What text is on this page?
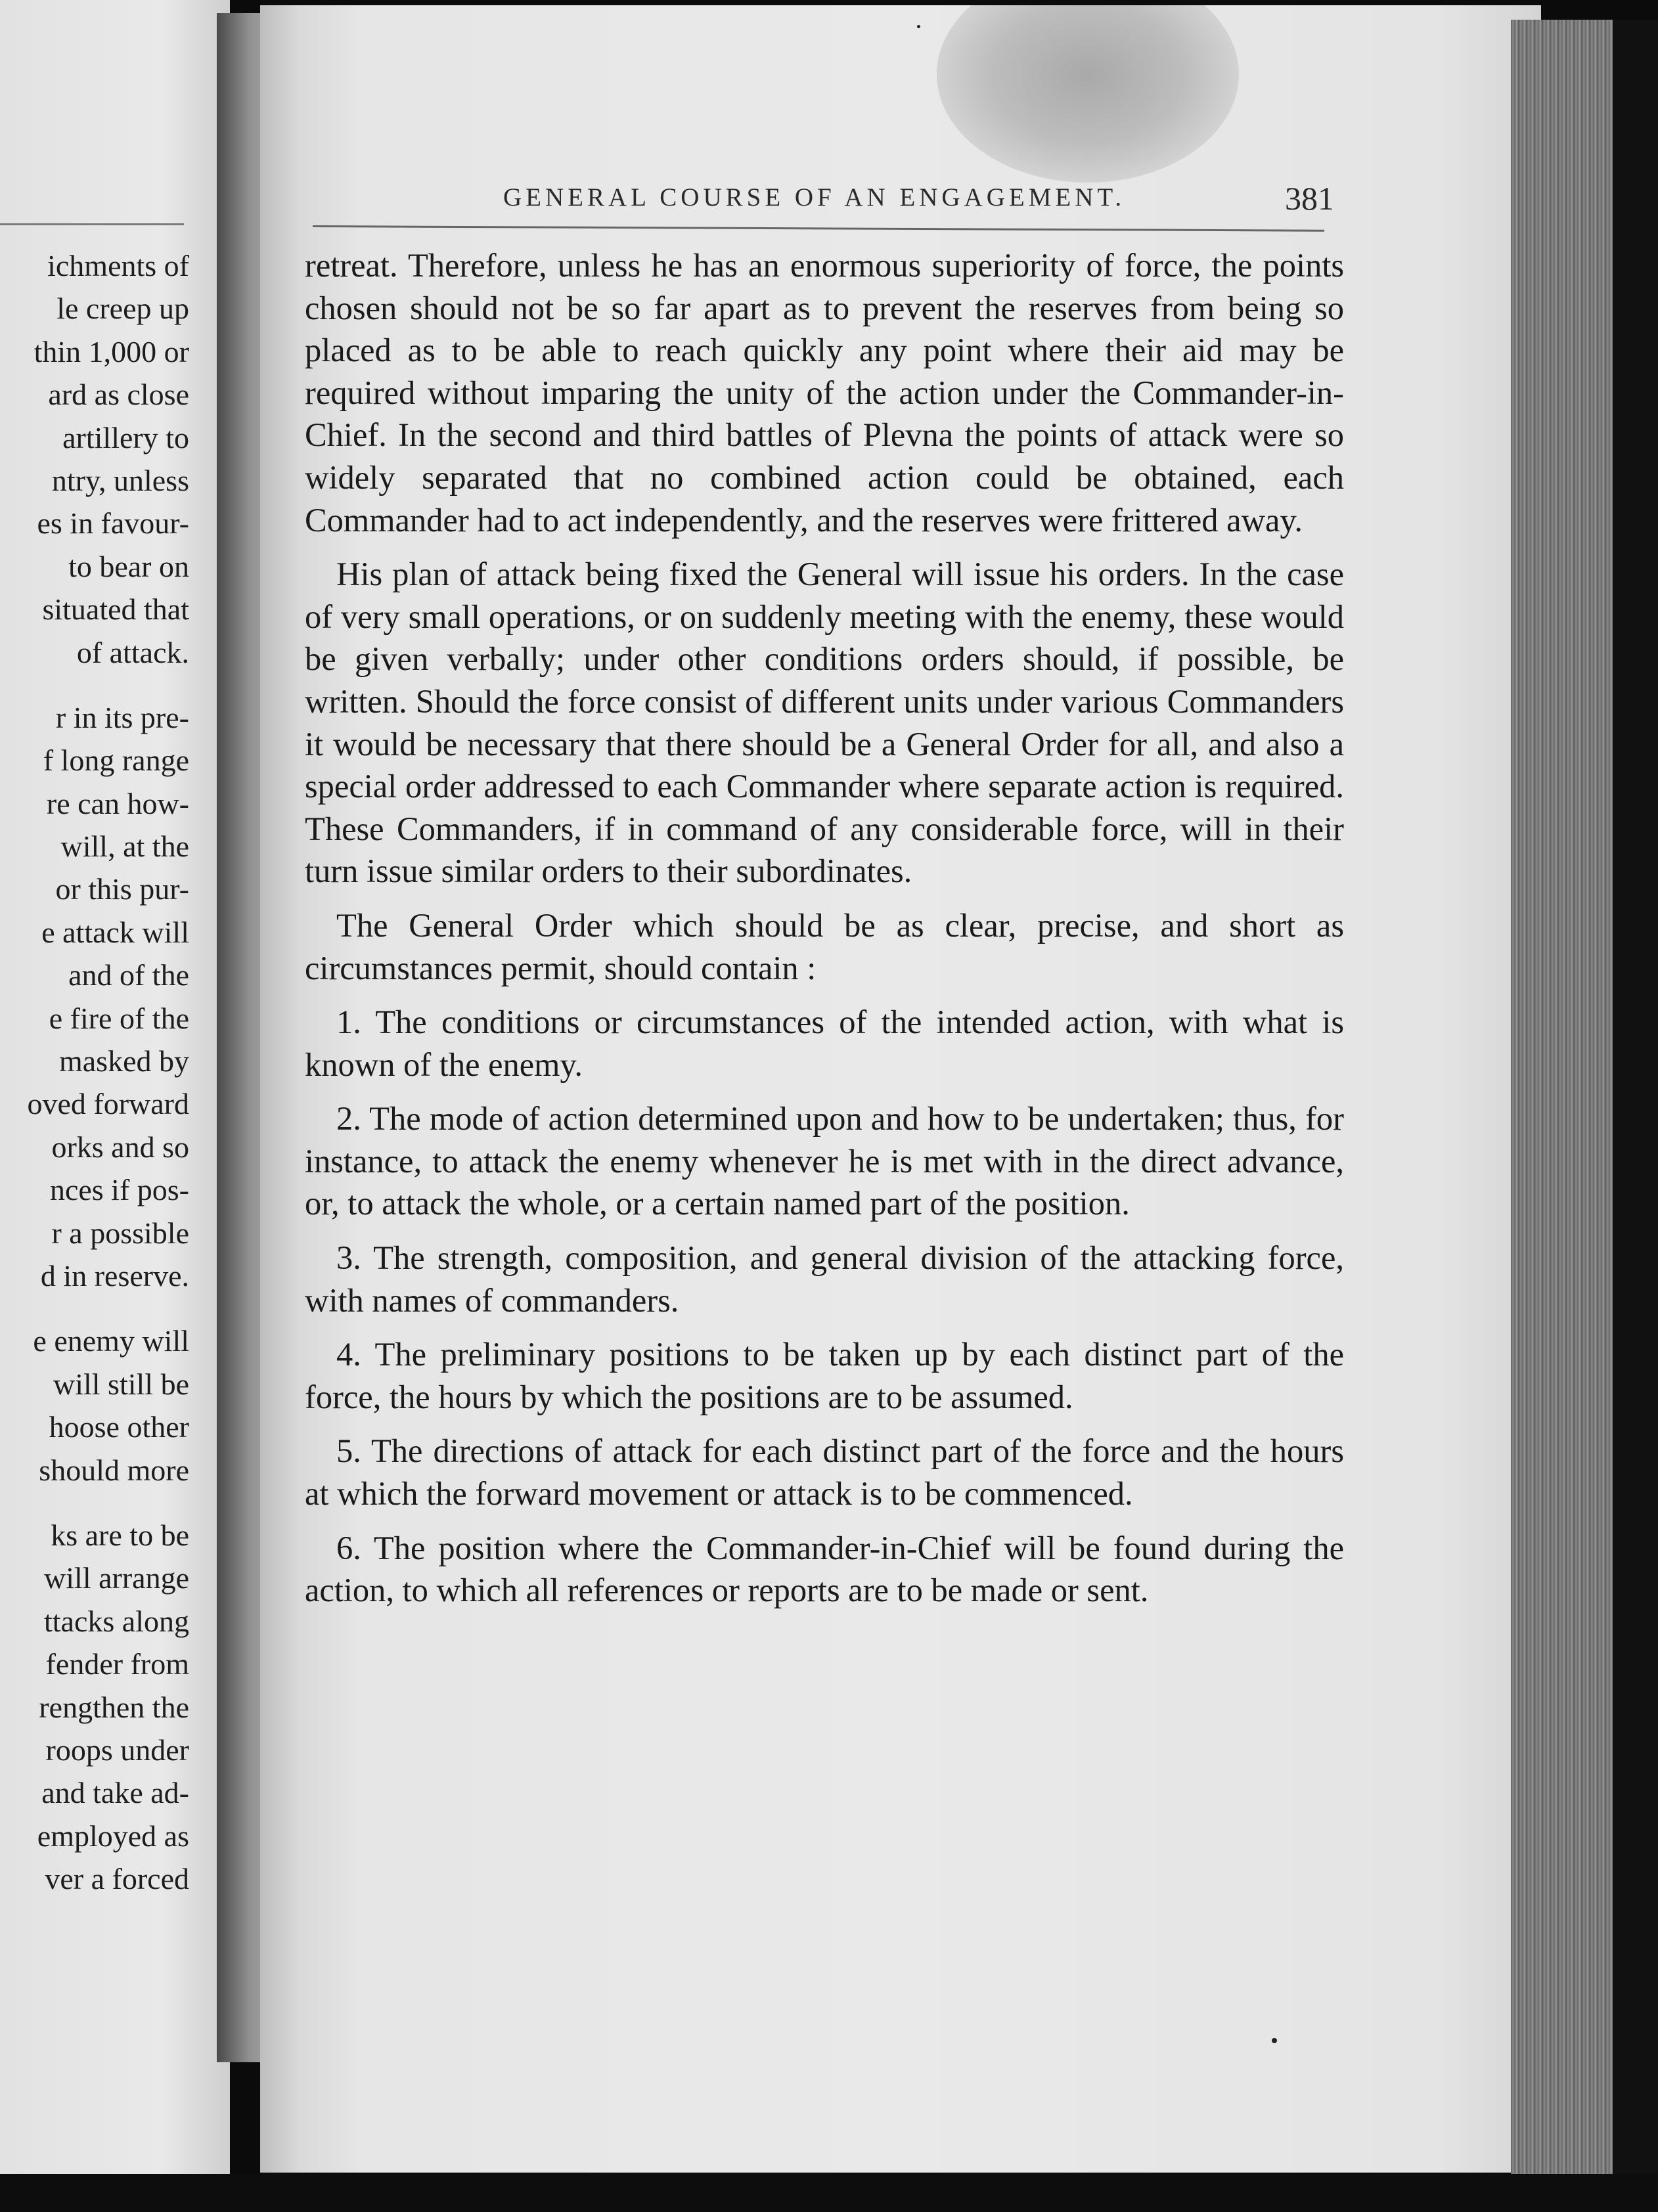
ichments of
le creep up
thin 1,000 or
ard as close
artillery to
ntry, unless
es in favour-
to bear on
situated that
of attack.
r in its pre-
f long range
re can how-
will, at the
or this pur-
e attack will
and of the
e fire of the
masked by
oved forward
orks and so
nces if pos-
r a possible
d in reserve.
e enemy will
will still be
hoose other
should more
ks are to be
will arrange
ttacks along
fender from
rengthen the
roops under
and take ad-
employed as
ver a forced
GENERAL COURSE OF AN ENGAGEMENT.	381

retreat. Therefore, unless he has an enormous superiority of force, the points chosen should not be so far apart as to prevent the reserves from being so placed as to be able to reach quickly any point where their aid may be required without imparing the unity of the action under the Commander-in-Chief. In the second and third battles of Plevna the points of attack were so widely separated that no combined action could be obtained, each Commander had to act independently, and the reserves were frittered away.

His plan of attack being fixed the General will issue his orders. In the case of very small operations, or on suddenly meeting with the enemy, these would be given verbally; under other conditions orders should, if possible, be written. Should the force consist of different units under various Commanders it would be necessary that there should be a General Order for all, and also a special order addressed to each Commander where separate action is required. These Commanders, if in command of any considerable force, will in their turn issue similar orders to their subordinates.

The General Order which should be as clear, precise, and short as circumstances permit, should contain :

1. The conditions or circumstances of the intended action, with what is known of the enemy.

2. The mode of action determined upon and how to be undertaken; thus, for instance, to attack the enemy whenever he is met with in the direct advance, or, to attack the whole, or a certain named part of the position.

3. The strength, composition, and general division of the attacking force, with names of commanders.

4. The preliminary positions to be taken up by each distinct part of the force, the hours by which the positions are to be assumed.

5. The directions of attack for each distinct part of the force and the hours at which the forward movement or attack is to be commenced.

6. The position where the Commander-in-Chief will be found during the action, to which all references or reports are to be made or sent.
